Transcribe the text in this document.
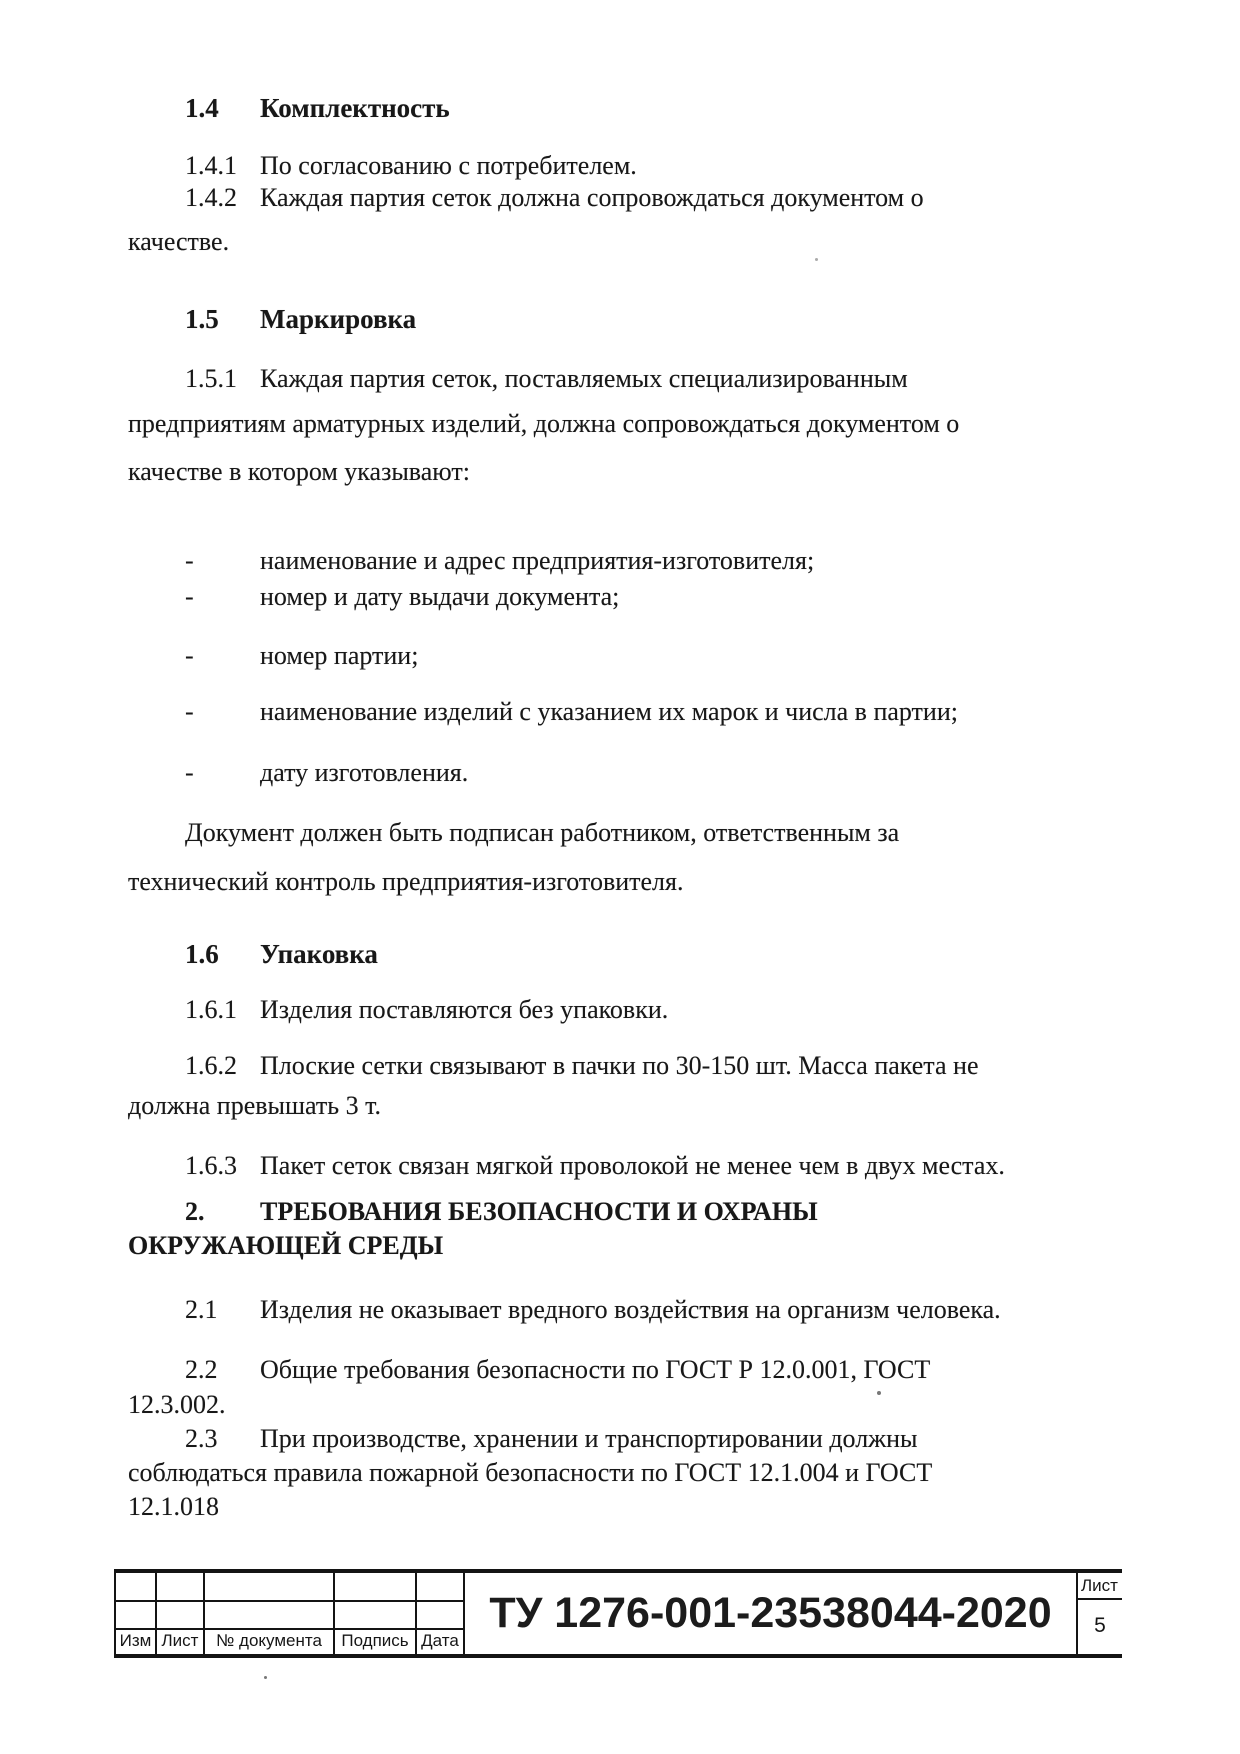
1.4 Комплектность
1.4.1 По согласованию с потребителем.
1.4.2 Каждая партия сеток должна сопровождаться документом о
качестве.
1.5 Маркировка
1.5.1 Каждая партия сеток, поставляемых специализированным
предприятиям арматурных изделий, должна сопровождаться документом о
качестве в котором указывают:
-	наименование и адрес предприятия-изготовителя;
-	номер и дату выдачи документа;
-	номер партии;
-	наименование изделий с указанием их марок и числа в партии;
-	дату изготовления.
Документ должен быть подписан работником, ответственным за
технический контроль предприятия-изготовителя.
1.6 Упаковка
1.6.1 Изделия поставляются без упаковки.
1.6.2 Плоские сетки связывают в пачки по 30-150 шт. Масса пакета не
должна превышать 3 т.
1.6.3 Пакет сеток связан мягкой проволокой не менее чем в двух местах.
2. ТРЕБОВАНИЯ БЕЗОПАСНОСТИ И ОХРАНЫ
ОКРУЖАЮЩЕЙ СРЕДЫ
2.1 Изделия не оказывает вредного воздействия на организм человека.
2.2 Общие требования безопасности по ГОСТ Р 12.0.001, ГОСТ
12.3.002.
2.3 При производстве, хранении и транспортировании должны
соблюдаться правила пожарной безопасности по ГОСТ 12.1.004 и ГОСТ
12.1.018
Изм Лист	№ документа	Подпись Дата
ТУ 1276-001-23538044-2020
Лист
5
